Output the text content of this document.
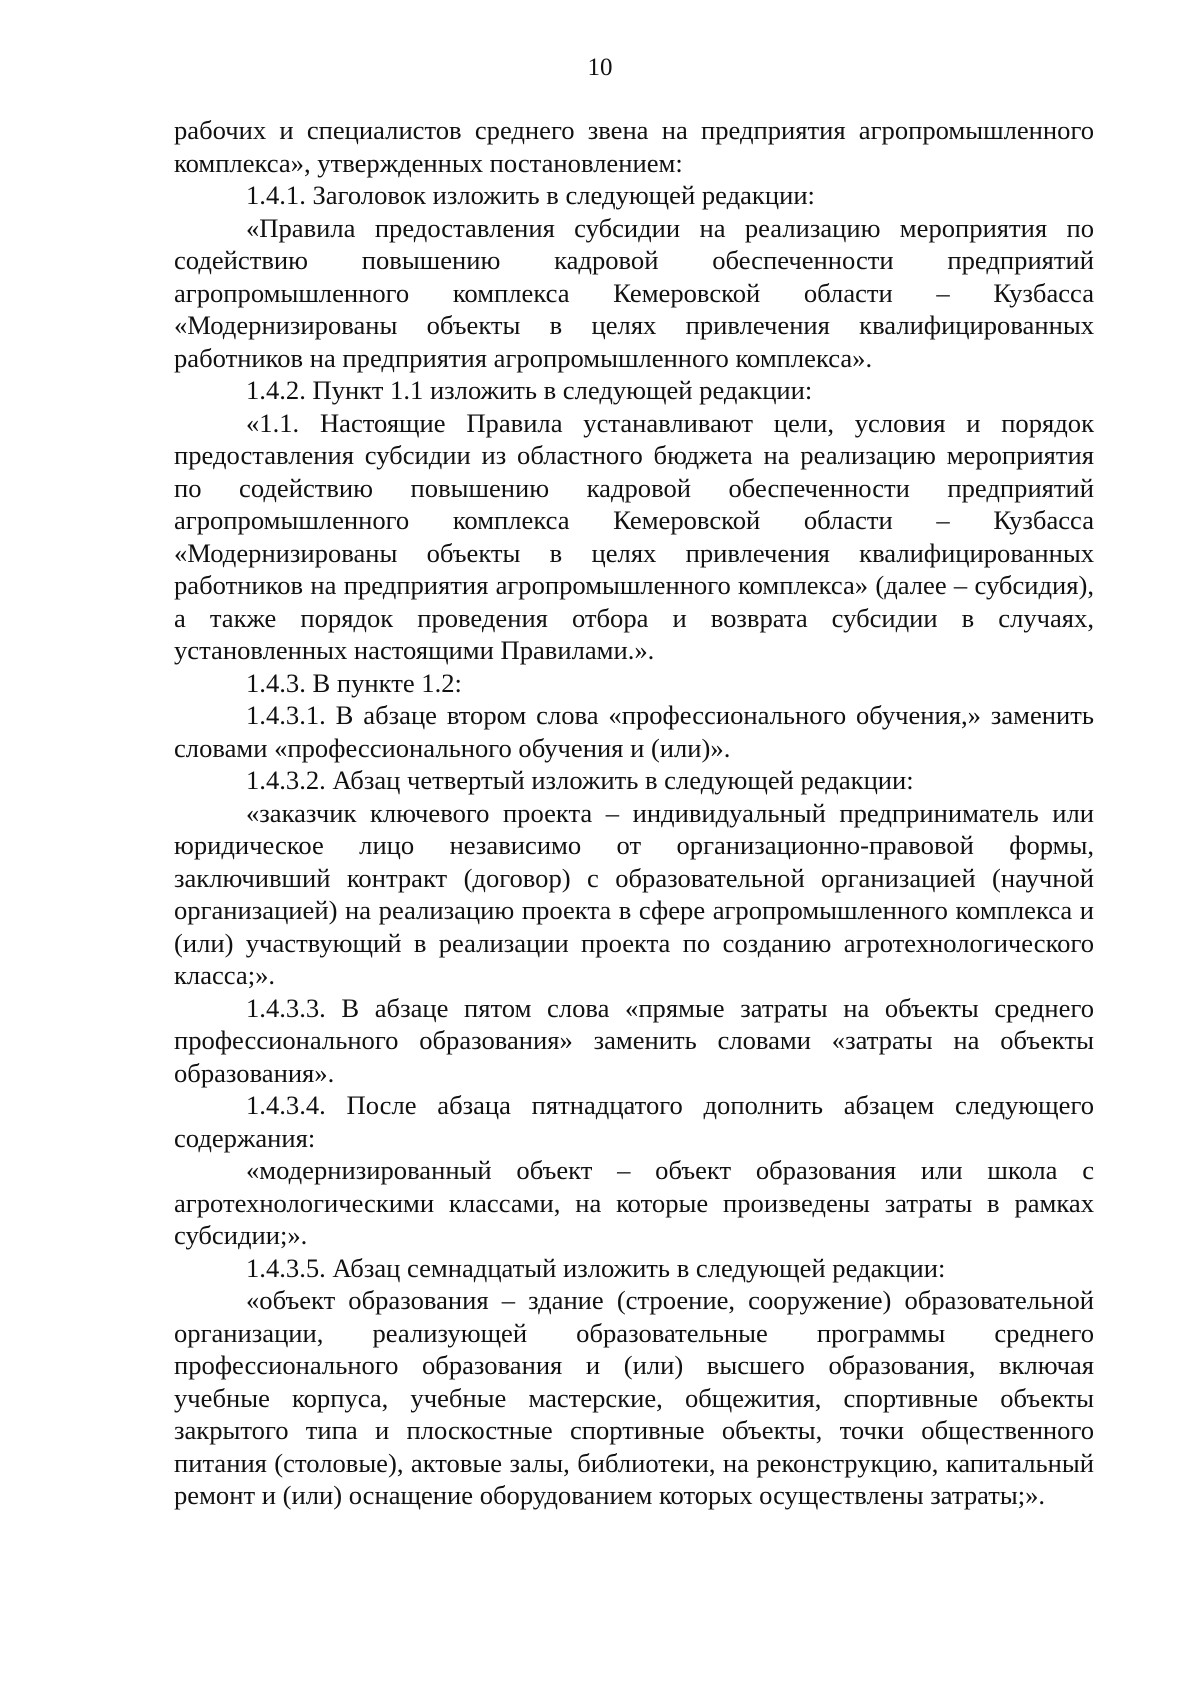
10

рабочих и специалистов среднего звена на предприятия агропромышленного комплекса», утвержденных постановлением:

1.4.1. Заголовок изложить в следующей редакции:

«Правила предоставления субсидии на реализацию мероприятия по содействию повышению кадровой обеспеченности предприятий агропромышленного комплекса Кемеровской области – Кузбасса «Модернизированы объекты в целях привлечения квалифицированных работников на предприятия агропромышленного комплекса».

1.4.2. Пункт 1.1 изложить в следующей редакции:

«1.1. Настоящие Правила устанавливают цели, условия и порядок предоставления субсидии из областного бюджета на реализацию мероприятия по содействию повышению кадровой обеспеченности предприятий агропромышленного комплекса Кемеровской области – Кузбасса «Модернизированы объекты в целях привлечения квалифицированных работников на предприятия агропромышленного комплекса» (далее – субсидия), а также порядок проведения отбора и возврата субсидии в случаях, установленных настоящими Правилами.».

1.4.3. В пункте 1.2:

1.4.3.1. В абзаце втором слова «профессионального обучения,» заменить словами «профессионального обучения и (или)».

1.4.3.2. Абзац четвертый изложить в следующей редакции:

«заказчик ключевого проекта – индивидуальный предприниматель или юридическое лицо независимо от организационно-правовой формы, заключивший контракт (договор) с образовательной организацией (научной организацией) на реализацию проекта в сфере агропромышленного комплекса и (или) участвующий в реализации проекта по созданию агротехнологического класса;».

1.4.3.3. В абзаце пятом слова «прямые затраты на объекты среднего профессионального образования» заменить словами «затраты на объекты образования».

1.4.3.4. После абзаца пятнадцатого дополнить абзацем следующего содержания:

«модернизированный объект – объект образования или школа с агротехнологическими классами, на которые произведены затраты в рамках субсидии;».

1.4.3.5. Абзац семнадцатый изложить в следующей редакции:

«объект образования – здание (строение, сооружение) образовательной организации, реализующей образовательные программы среднего профессионального образования и (или) высшего образования, включая учебные корпуса, учебные мастерские, общежития, спортивные объекты закрытого типа и плоскостные спортивные объекты, точки общественного питания (столовые), актовые залы, библиотеки, на реконструкцию, капитальный ремонт и (или) оснащение оборудованием которых осуществлены затраты;».
